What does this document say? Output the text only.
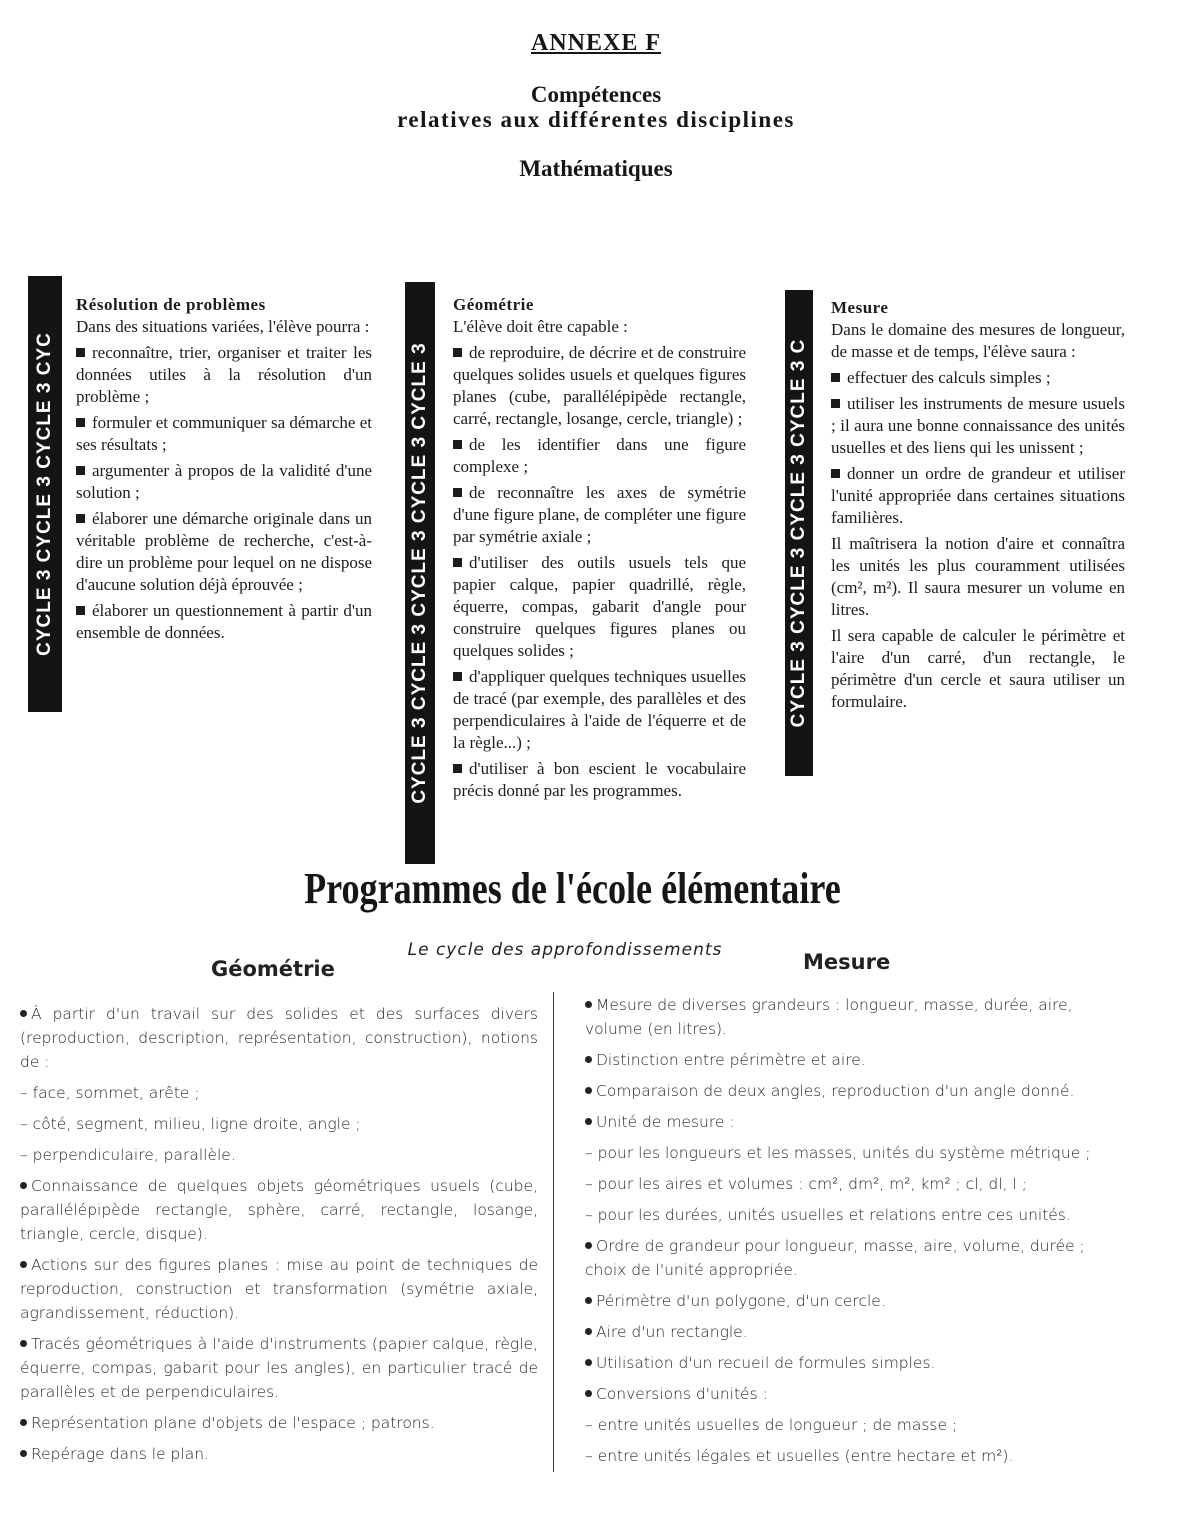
ANNEXE F
Compétences
relatives aux différentes disciplines
Mathématiques
CYCLE 3 CYCLE 3 CYCLE 3 CYC	CYCLE 3 CYCLE 3 CYCLE 3 CYCLE 3 CYCLE 3	CYCLE 3 CYCLE 3 CYCLE 3 CYCLE 3 C

Résolution de problèmes

Dans des situations variées, l'élève pourra :

reconnaître, trier, organiser et traiter les données utiles à la résolution d'un problème ;

formuler et communiquer sa démarche et ses résultats ;

argumenter à propos de la validité d'une solution ;

élaborer une démarche originale dans un véritable problème de recherche, c'est-à-dire un problème pour lequel on ne dispose d'aucune solution déjà éprouvée ;

élaborer un questionnement à partir d'un ensemble de données.

Géométrie

L'élève doit être capable :

de reproduire, de décrire et de construire quelques solides usuels et quelques figures planes (cube, parallélépipède rectangle, carré, rectangle, losange, cercle, triangle) ;

de les identifier dans une figure complexe ;

de reconnaître les axes de symétrie d'une figure plane, de compléter une figure par symétrie axiale ;

d'utiliser des outils usuels tels que papier calque, papier quadrillé, règle, équerre, compas, gabarit d'angle pour construire quelques figures planes ou quelques solides ;

d'appliquer quelques techniques usuelles de tracé (par exemple, des parallèles et des perpendiculaires à l'aide de l'équerre et de la règle...) ;

d'utiliser à bon escient le vocabulaire précis donné par les programmes.

Mesure

Dans le domaine des mesures de longueur, de masse et de temps, l'élève saura :

effectuer des calculs simples ;

utiliser les instruments de mesure usuels ; il aura une bonne connaissance des unités usuelles et des liens qui les unissent ;

donner un ordre de grandeur et utiliser l'unité appropriée dans certaines situations familières.

Il maîtrisera la notion d'aire et connaîtra les unités les plus couramment utilisées (cm², m²). Il saura mesurer un volume en litres.

Il sera capable de calculer le périmètre et l'aire d'un carré, d'un rectangle, le périmètre d'un cercle et saura utiliser un formulaire.

Programmes de l'école élémentaire
Le cycle des approfondissements
Géométrie	Mesure

À partir d'un travail sur des solides et des surfaces divers (reproduction, description, représentation, construction), notions de :

– face, sommet, arête ;

– côté, segment, milieu, ligne droite, angle ;

– perpendiculaire, parallèle.

Connaissance de quelques objets géométriques usuels (cube, parallélépipède rectangle, sphère, carré, rectangle, losange, triangle, cercle, disque).

Actions sur des figures planes : mise au point de techniques de reproduction, construction et transformation (symétrie axiale, agrandissement, réduction).

Tracés géométriques à l'aide d'instruments (papier calque, règle, équerre, compas, gabarit pour les angles), en particulier tracé de parallèles et de perpendiculaires.

Représentation plane d'objets de l'espace ; patrons.

Repérage dans le plan.

Mesure de diverses grandeurs : longueur, masse, durée, aire, volume (en litres).

Distinction entre périmètre et aire.

Comparaison de deux angles, reproduction d'un angle donné.

Unité de mesure :

– pour les longueurs et les masses, unités du système métrique ;

– pour les aires et volumes : cm², dm², m², km² ; cl, dl, l ;

– pour les durées, unités usuelles et relations entre ces unités.

Ordre de grandeur pour longueur, masse, aire, volume, durée ; choix de l'unité appropriée.

Périmètre d'un polygone, d'un cercle.

Aire d'un rectangle.

Utilisation d'un recueil de formules simples.

Conversions d'unités :

– entre unités usuelles de longueur ; de masse ;

– entre unités légales et usuelles (entre hectare et m²).
